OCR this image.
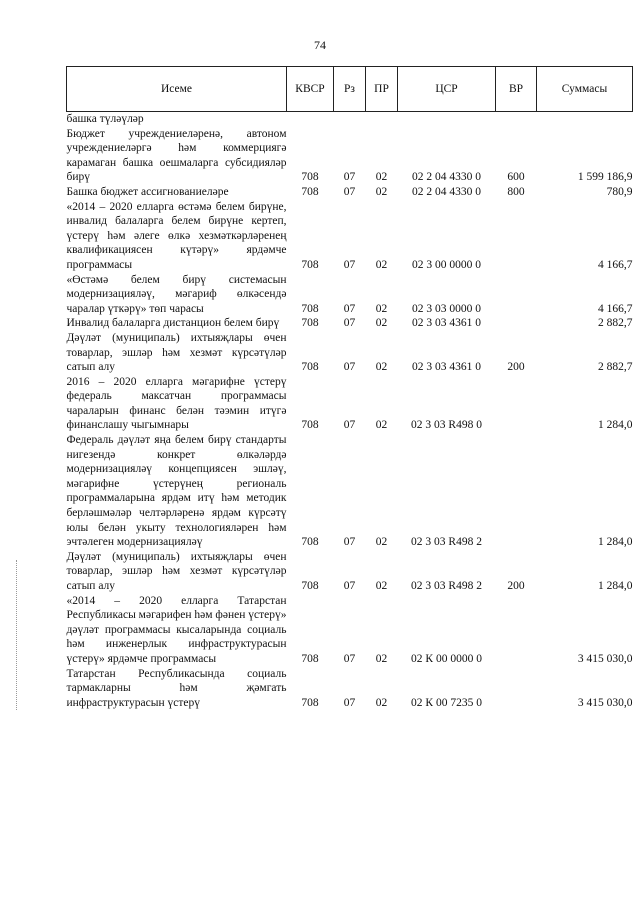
74
Исеме	КВСР	Рз	ПР	ЦСР	ВР	Суммасы
башка түләүләр						
Бюджет учреждениеләренә, автоном учреждениеләргә һәм коммерциягә карамаган башка оешмаларга субсидияләр бирү	708	07	02	02 2 04 4330 0	600	1 599 186,9
Башка бюджет ассигнованиеләре	708	07	02	02 2 04 4330 0	800	780,9
«2014 – 2020 елларга өстәмә белем бирүне, инвалид балаларга белем бирүне кертеп, үстерү һәм әлеге өлкә хезмәткәрләренең квалификациясен күтәрү» ярдәмче программасы	708	07	02	02 3 00 0000 0		4 166,7
«Өстәмә белем бирү системасын модернизацияләү, мәгариф өлкәсендә чаралар үткәрү» төп чарасы	708	07	02	02 3 03 0000 0		4 166,7
Инвалид балаларга дистанцион белем бирү	708	07	02	02 3 03 4361 0		2 882,7
Дәүләт (муниципаль) ихтыяҗлары өчен товарлар, эшләр һәм хезмәт күрсәтүләр сатып алу	708	07	02	02 3 03 4361 0	200	2 882,7
2016 – 2020 елларга мәгарифне үстерү федераль максатчан программасы чараларын финанс белән тәэмин итүгә финанслашу чыгымнары	708	07	02	02 3 03 R498 0		1 284,0
Федераль дәүләт яңа белем бирү стандарты нигезендә конкрет өлкәләрдә модернизацияләү концепциясен эшләү, мәгарифне үстерүнең региональ программаларына ярдәм итү һәм методик берләшмәләр челтәрләренә ярдәм күрсәтү юлы белән укыту технологияләрен һәм эчтәлеген модернизацияләү	708	07	02	02 3 03 R498 2		1 284,0
Дәүләт (муниципаль) ихтыяҗлары өчен товарлар, эшләр һәм хезмәт күрсәтүләр сатып алу	708	07	02	02 3 03 R498 2	200	1 284,0
«2014 – 2020 елларга Татарстан Республикасы мәгарифен һәм фәнен үстерү» дәүләт программасы кысаларында социаль һәм инженерлык инфраструктурасын үстерү» ярдәмче программасы	708	07	02	02 К 00 0000 0		3 415 030,0
Татарстан Республикасында социаль тармакларны һәм җәмгать инфраструктурасын үстерү	708	07	02	02 К 00 7235 0		3 415 030,0
